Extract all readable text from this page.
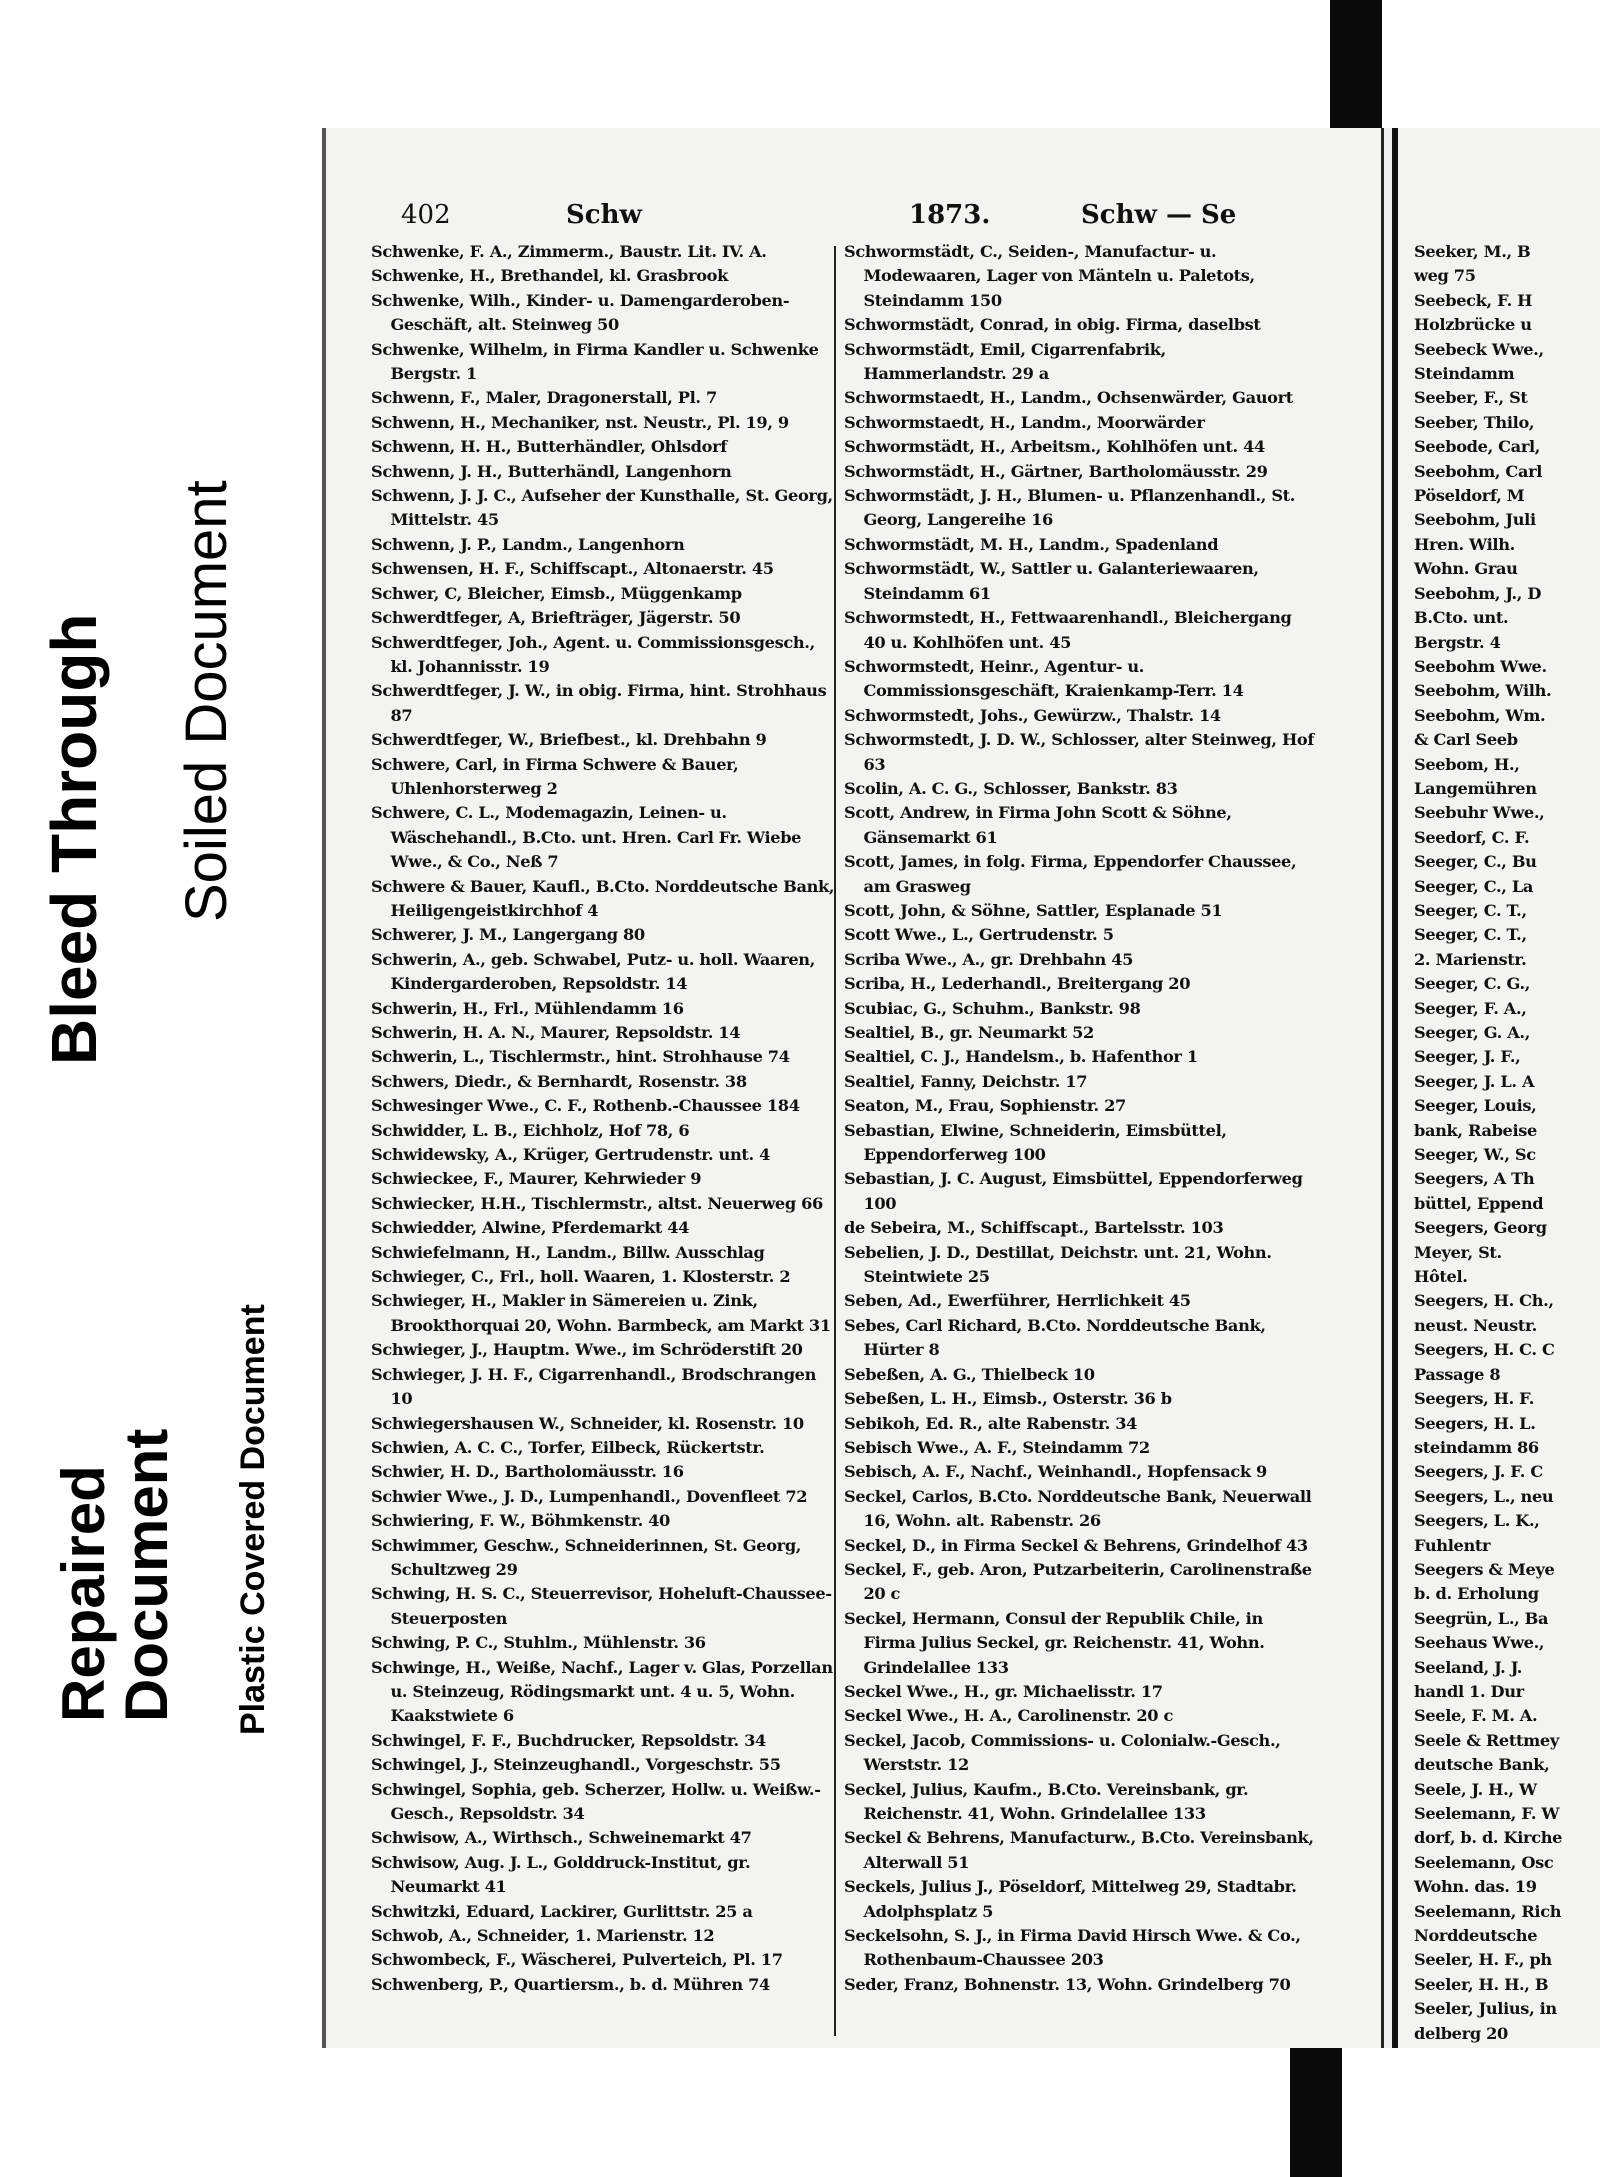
Bleed Through Soiled Document
Repaired Document Plastic Covered Document
402	Schw	1873.	Schw — Se

Schwenke, F. A., Zimmerm., Baustr. Lit. IV. A.

Schwenke, H., Brethandel, kl. Grasbrook

Schwenke, Wilh., Kinder- u. Damengarderoben-Geschäft, alt. Steinweg 50

Schwenke, Wilhelm, in Firma Kandler u. Schwenke Bergstr. 1

Schwenn, F., Maler, Dragonerstall, Pl. 7

Schwenn, H., Mechaniker, nst. Neustr., Pl. 19, 9

Schwenn, H. H., Butterhändler, Ohlsdorf

Schwenn, J. H., Butterhändl, Langenhorn

Schwenn, J. J. C., Aufseher der Kunsthalle, St. Georg, Mittelstr. 45

Schwenn, J. P., Landm., Langenhorn

Schwensen, H. F., Schiffscapt., Altonaerstr. 45

Schwer, C, Bleicher, Eimsb., Müggenkamp

Schwerdtfeger, A, Briefträger, Jägerstr. 50

Schwerdtfeger, Joh., Agent. u. Commissionsgesch., kl. Johannisstr. 19

Schwerdtfeger, J. W., in obig. Firma, hint. Strohhaus 87

Schwerdtfeger, W., Briefbest., kl. Drehbahn 9

Schwere, Carl, in Firma Schwere & Bauer, Uhlenhorsterweg 2

Schwere, C. L., Modemagazin, Leinen- u. Wäschehandl., B.Cto. unt. Hren. Carl Fr. Wiebe Wwe., & Co., Neß 7

Schwere & Bauer, Kaufl., B.Cto. Norddeutsche Bank, Heiligengeistkirchhof 4

Schwerer, J. M., Langergang 80

Schwerin, A., geb. Schwabel, Putz- u. holl. Waaren, Kindergarderoben, Repsoldstr. 14

Schwerin, H., Frl., Mühlendamm 16

Schwerin, H. A. N., Maurer, Repsoldstr. 14

Schwerin, L., Tischlermstr., hint. Strohhause 74

Schwers, Diedr., & Bernhardt, Rosenstr. 38

Schwesinger Wwe., C. F., Rothenb.-Chaussee 184

Schwidder, L. B., Eichholz, Hof 78, 6

Schwidewsky, A., Krüger, Gertrudenstr. unt. 4

Schwieckee, F., Maurer, Kehrwieder 9

Schwiecker, H.H., Tischlermstr., altst. Neuerweg 66

Schwiedder, Alwine, Pferdemarkt 44

Schwiefelmann, H., Landm., Billw. Ausschlag

Schwieger, C., Frl., holl. Waaren, 1. Klosterstr. 2

Schwieger, H., Makler in Sämereien u. Zink, Brookthorquai 20, Wohn. Barmbeck, am Markt 31

Schwieger, J., Hauptm. Wwe., im Schröderstift 20

Schwieger, J. H. F., Cigarrenhandl., Brodschrangen 10

Schwiegershausen W., Schneider, kl. Rosenstr. 10

Schwien, A. C. C., Torfer, Eilbeck, Rückertstr.

Schwier, H. D., Bartholomäusstr. 16

Schwier Wwe., J. D., Lumpenhandl., Dovenfleet 72

Schwiering, F. W., Böhmkenstr. 40

Schwimmer, Geschw., Schneiderinnen, St. Georg, Schultzweg 29

Schwing, H. S. C., Steuerrevisor, Hoheluft-Chaussee-Steuerposten

Schwing, P. C., Stuhlm., Mühlenstr. 36

Schwinge, H., Weiße, Nachf., Lager v. Glas, Porzellan u. Steinzeug, Rödingsmarkt unt. 4 u. 5, Wohn. Kaakstwiete 6

Schwingel, F. F., Buchdrucker, Repsoldstr. 34

Schwingel, J., Steinzeughandl., Vorgeschstr. 55

Schwingel, Sophia, geb. Scherzer, Hollw. u. Weißw.-Gesch., Repsoldstr. 34

Schwisow, A., Wirthsch., Schweinemarkt 47

Schwisow, Aug. J. L., Golddruck-Institut, gr. Neumarkt 41

Schwitzki, Eduard, Lackirer, Gurlittstr. 25 a

Schwob, A., Schneider, 1. Marienstr. 12

Schwombeck, F., Wäscherei, Pulverteich, Pl. 17

Schwenberg, P., Quartiersm., b. d. Mühren 74

Schwormstädt, C., Seiden-, Manufactur- u. Modewaaren, Lager von Mänteln u. Paletots, Steindamm 150

Schwormstädt, Conrad, in obig. Firma, daselbst

Schwormstädt, Emil, Cigarrenfabrik, Hammerlandstr. 29 a

Schwormstaedt, H., Landm., Ochsenwärder, Gauort

Schwormstaedt, H., Landm., Moorwärder

Schwormstädt, H., Arbeitsm., Kohlhöfen unt. 44

Schwormstädt, H., Gärtner, Bartholomäusstr. 29

Schwormstädt, J. H., Blumen- u. Pflanzenhandl., St. Georg, Langereihe 16

Schwormstädt, M. H., Landm., Spadenland

Schwormstädt, W., Sattler u. Galanteriewaaren, Steindamm 61

Schwormstedt, H., Fettwaarenhandl., Bleichergang 40 u. Kohlhöfen unt. 45

Schwormstedt, Heinr., Agentur- u. Commissionsgeschäft, Kraienkamp-Terr. 14

Schwormstedt, Johs., Gewürzw., Thalstr. 14

Schwormstedt, J. D. W., Schlosser, alter Steinweg, Hof 63

Scolin, A. C. G., Schlosser, Bankstr. 83

Scott, Andrew, in Firma John Scott & Söhne, Gänsemarkt 61

Scott, James, in folg. Firma, Eppendorfer Chaussee, am Grasweg

Scott, John, & Söhne, Sattler, Esplanade 51

Scott Wwe., L., Gertrudenstr. 5

Scriba Wwe., A., gr. Drehbahn 45

Scriba, H., Lederhandl., Breitergang 20

Scubiac, G., Schuhm., Bankstr. 98

Sealtiel, B., gr. Neumarkt 52

Sealtiel, C. J., Handelsm., b. Hafenthor 1

Sealtiel, Fanny, Deichstr. 17

Seaton, M., Frau, Sophienstr. 27

Sebastian, Elwine, Schneiderin, Eimsbüttel, Eppendorferweg 100

Sebastian, J. C. August, Eimsbüttel, Eppendorferweg 100

de Sebeira, M., Schiffscapt., Bartelsstr. 103

Sebelien, J. D., Destillat, Deichstr. unt. 21, Wohn. Steintwiete 25

Seben, Ad., Ewerführer, Herrlichkeit 45

Sebes, Carl Richard, B.Cto. Norddeutsche Bank, Hürter 8

Sebeßen, A. G., Thielbeck 10

Sebeßen, L. H., Eimsb., Osterstr. 36 b

Sebikoh, Ed. R., alte Rabenstr. 34

Sebisch Wwe., A. F., Steindamm 72

Sebisch, A. F., Nachf., Weinhandl., Hopfensack 9

Seckel, Carlos, B.Cto. Norddeutsche Bank, Neuerwall 16, Wohn. alt. Rabenstr. 26

Seckel, D., in Firma Seckel & Behrens, Grindelhof 43

Seckel, F., geb. Aron, Putzarbeiterin, Carolinenstraße 20 c

Seckel, Hermann, Consul der Republik Chile, in Firma Julius Seckel, gr. Reichenstr. 41, Wohn. Grindelallee 133

Seckel Wwe., H., gr. Michaelisstr. 17

Seckel Wwe., H. A., Carolinenstr. 20 c

Seckel, Jacob, Commissions- u. Colonialw.-Gesch., Werststr. 12

Seckel, Julius, Kaufm., B.Cto. Vereinsbank, gr. Reichenstr. 41, Wohn. Grindelallee 133

Seckel & Behrens, Manufacturw., B.Cto. Vereinsbank, Alterwall 51

Seckels, Julius J., Pöseldorf, Mittelweg 29, Stadtabr. Adolphsplatz 5

Seckelsohn, S. J., in Firma David Hirsch Wwe. & Co., Rothenbaum-Chaussee 203

Seder, Franz, Bohnenstr. 13, Wohn. Grindelberg 70

Seeker, M., B

weg 75

Seebeck, F. H

Holzbrücke u

Seebeck Wwe.,

Steindamm

Seeber, F., St

Seeber, Thilo,

Seebode, Carl,

Seebohm, Carl

Pöseldorf, M

Seebohm, Juli

Hren. Wilh.

Wohn. Grau

Seebohm, J., D

B.Cto. unt.

Bergstr. 4

Seebohm Wwe.

Seebohm, Wilh.

Seebohm, Wm.

& Carl Seeb

Seebom, H.,

Langemühren

Seebuhr Wwe.,

Seedorf, C. F.

Seeger, C., Bu

Seeger, C., La

Seeger, C. T.,

Seeger, C. T.,

2. Marienstr.

Seeger, C. G.,

Seeger, F. A.,

Seeger, G. A.,

Seeger, J. F.,

Seeger, J. L. A

Seeger, Louis,

bank, Rabeise

Seeger, W., Sc

Seegers, A Th

büttel, Eppend

Seegers, Georg

Meyer, St.

Hôtel.

Seegers, H. Ch.,

neust. Neustr.

Seegers, H. C. C

Passage 8

Seegers, H. F.

Seegers, H. L.

steindamm 86

Seegers, J. F. C

Seegers, L., neu

Seegers, L. K.,

Fuhlentr

Seegers & Meye

b. d. Erholung

Seegrün, L., Ba

Seehaus Wwe.,

Seeland, J. J.

handl 1. Dur

Seele, F. M. A.

Seele & Rettmey

deutsche Bank,

Seele, J. H., W

Seelemann, F. W

dorf, b. d. Kirche

Seelemann, Osc

Wohn. das. 19

Seelemann, Rich

Norddeutsche

Seeler, H. F., ph

Seeler, H. H., B

Seeler, Julius, in

delberg 20
